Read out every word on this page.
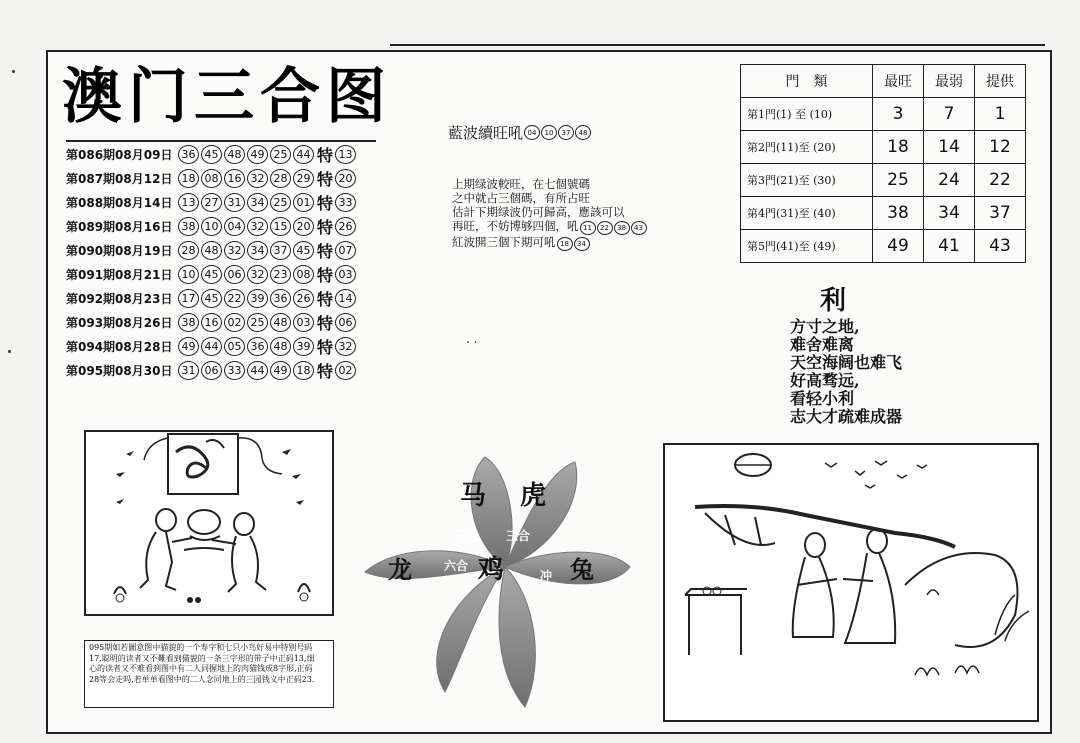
澳门三合图
第086期08月09日 36 45 48 49 25 44 特 13
第087期08月12日 18 08 16 32 28 29 特 20
第088期08月14日 13 27 31 34 25 01 特 33
第089期08月16日 38 10 04 32 15 20 特 26
第090期08月19日 28 48 32 34 37 45 特 07
第091期08月21日 10 45 06 32 23 08 特 03
第092期08月23日 17 45 22 39 36 26 特 14
第093期08月26日 38 16 02 25 48 03 特 06
第094期08月28日 49 44 05 36 48 39 特 32
第095期08月30日 31 06 33 44 49 18 特 02
藍波續旺吼 04	10	37	48
上期绿波較旺，在七個號碼
之中就占三個碼，有所占旺
估計下期绿波仍可歸高，應該可以
再旺，不妨博够四個，吼 11 22 38 43
紅波開三個下期可吼 18 34
. .
門　類	最旺	最弱	提供
第1門(1) 至 (10)	3	7	1
第2門(11)至 (20)	18	14	12
第3門(21)至 (30)	25	24	22
第4門(31)至 (40)	38	34	37
第5門(41)至 (49)	49	41	43
利
方寸之地,
难舍难离
天空海阔也难飞
好高骛远,
看轻小利
志大才疏难成器
马 虎
龙	鸡	兔
三合 三合
六合
冲
095期如若圖意图中猫貌的一个寿字和七只小鸟好易中特别号码
17,聪明的读者又不難看到猫貌的一条三字形的带子中正码13,细
心的读者又不难看到图中有二人同握地上的肉猫钱成8字形,正码
28等会走吗,若单单看图中的二人念同地上的三园钱义中正码23.
